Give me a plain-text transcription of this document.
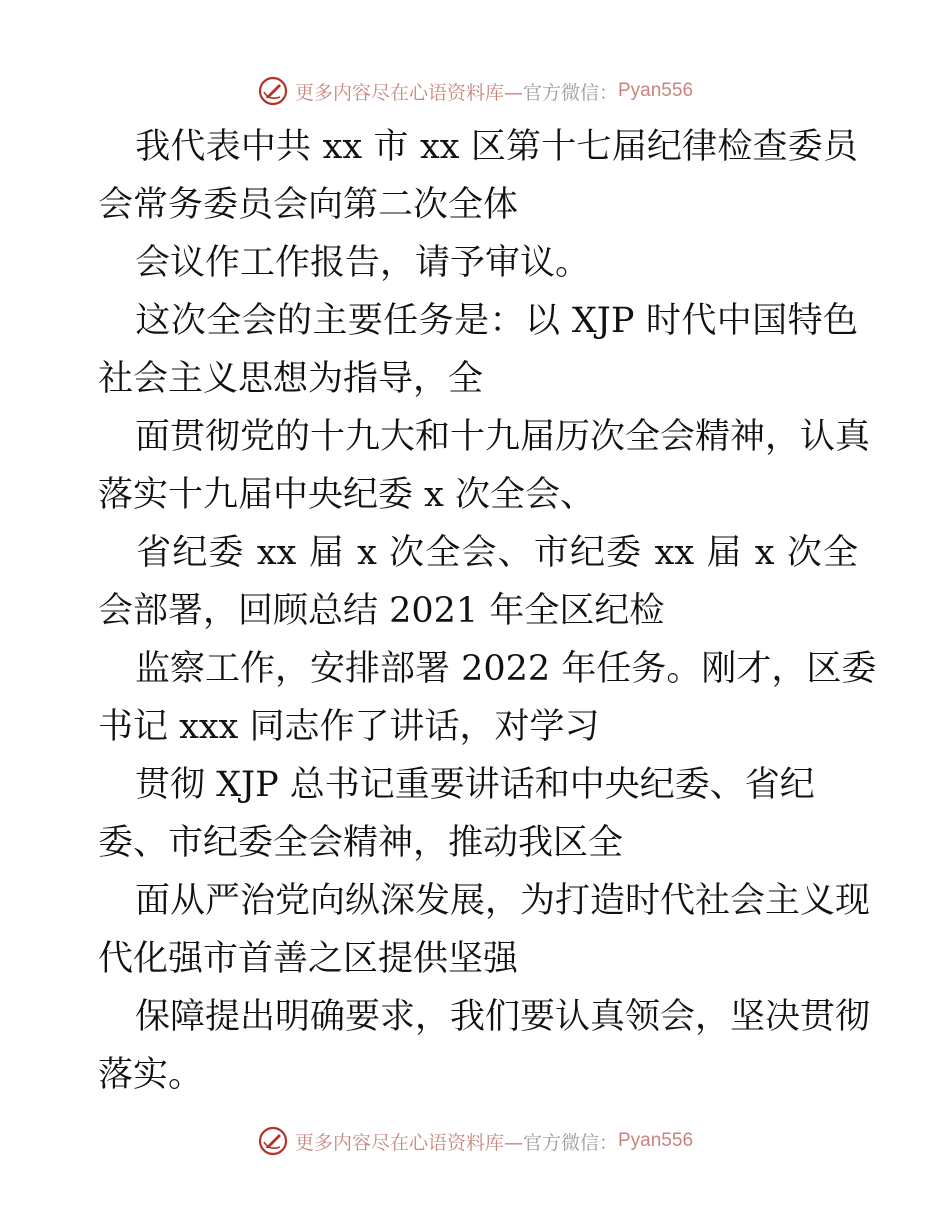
更多内容尽在心语资料库— 官方微信： Pyan556

我代表中共 xx 市 xx 区第十七届纪律检查委员
会常务委员会向第二次全体

会议作工作报告，请予审议。

这次全会的主要任务是：以 XJP 时代中国特色
社会主义思想为指导，全

面贯彻党的十九大和十九届历次全会精神，认真
落实十九届中央纪委 x 次全会、

省纪委 xx 届 x 次全会、市纪委 xx 届 x 次全
会部署，回顾总结 2021 年全区纪检

监察工作，安排部署 2022 年任务。刚才，区委
书记 xxx 同志作了讲话，对学习

贯彻 XJP 总书记重要讲话和中央纪委、省纪
委、市纪委全会精神，推动我区全

面从严治党向纵深发展，为打造时代社会主义现
代化强市首善之区提供坚强

保障提出明确要求，我们要认真领会，坚决贯彻
落实。

更多内容尽在心语资料库— 官方微信： Pyan556
